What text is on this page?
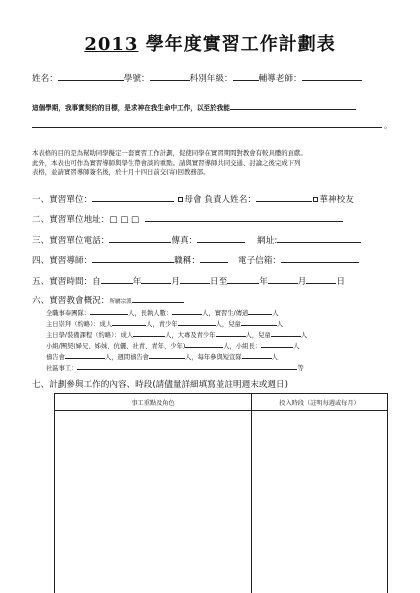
2013 學年度實習工作計劃表
姓名：	學號：	科別年級：	輔導老師：
這個學期，我事實契約的目標，是求神在我生命中工作，以至於我能
。
本表格的目的是為幫助同學擬定一套實習工作計劃，促使同學在實習期間對教會有較具體的貢獻。
此外，本表也可作為實習導師與學生帶會談的重點。請與實習導師共同交通、討論之後完成下列
表格，並請實習導師簽名後，於十月十四日前交(寄)回教務部。
一、實習單位：	母會 負責人姓名：	華神校友
二、實習單位地址：□ □ □
三、實習單位電話：	傳真：	網址:
四、實習導師：	職稱：	電子信箱：
五、實習時間：自	年	月	日至	年	月	日
六、實習教會概況：所屬宗派
全職事奉團隊：	人，長執人數：	人，實習生/傳道	人
主日崇拜（約略）：成人	人，青少年	人，兒童	人
主日學/裝備課程（約略）：成人	人，大專及青少年	人，兒童	人
小組/團契(婦兄、姊妹、伉儷、社青、青年、少年)	人，小組長：	人
禱告會	人，週間禱告會	人，每年參與短宣隊	人
社區事工：	等
七、計劃參與工作的內容、時段(請儘量詳細填寫並註明週末或週日)
事工重點及角色	投入時段（註明每週或每月）
